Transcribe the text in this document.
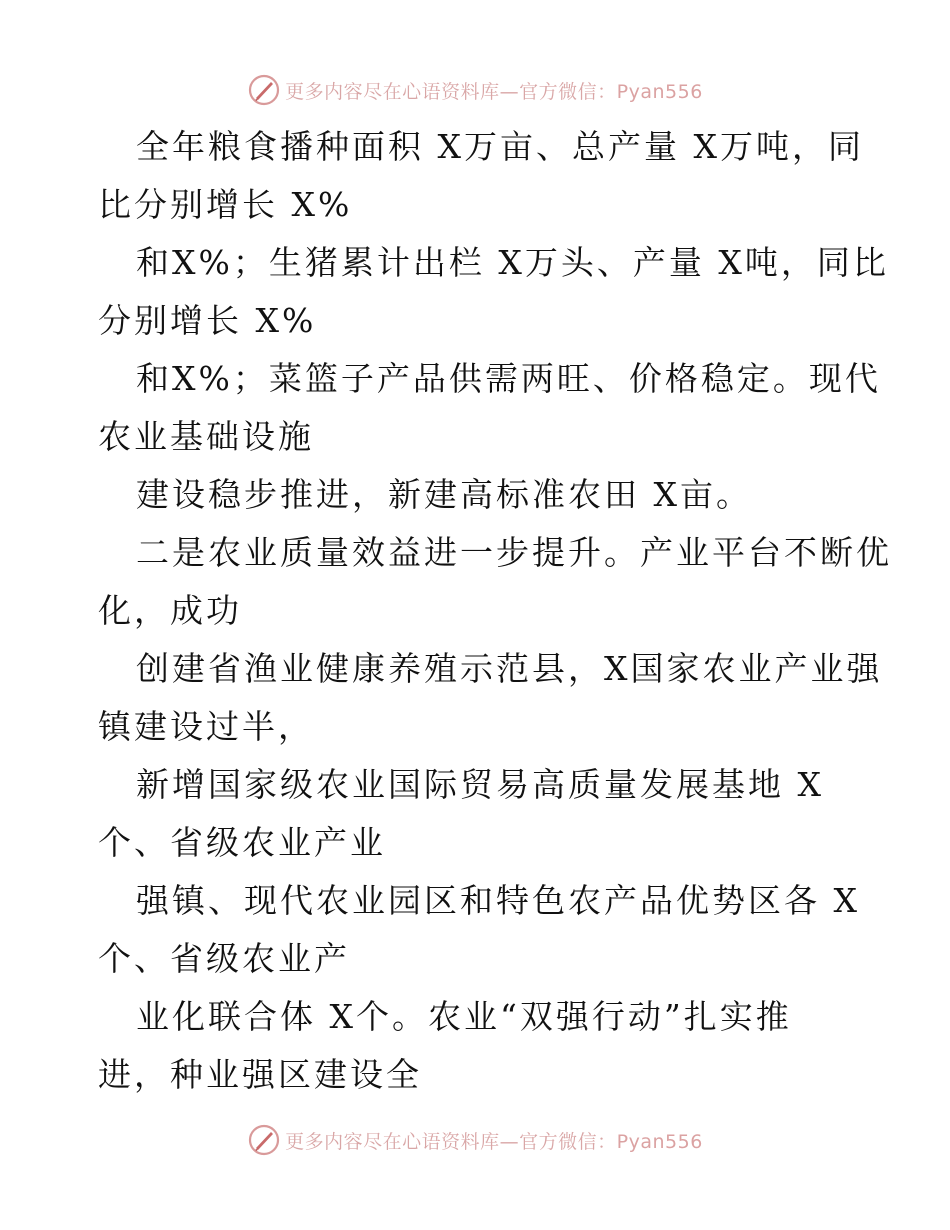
更多内容尽在心语资料库—官方微信：Pyan556
全年粮食播种面积 X万亩、总产量 X万吨，同
比分别增长 X%
和X%；生猪累计出栏 X万头、产量 X吨，同比
分别增长 X%
和X%；菜篮子产品供需两旺、价格稳定。现代
农业基础设施
建设稳步推进，新建高标准农田 X亩。
二是农业质量效益进一步提升。产业平台不断优
化，成功
创建省渔业健康养殖示范县，X国家农业产业强
镇建设过半，
新增国家级农业国际贸易高质量发展基地 X
个、省级农业产业
强镇、现代农业园区和特色农产品优势区各 X
个、省级农业产
业化联合体 X个。农业“双强行动”扎实推
进，种业强区建设全
更多内容尽在心语资料库—官方微信：Pyan556
